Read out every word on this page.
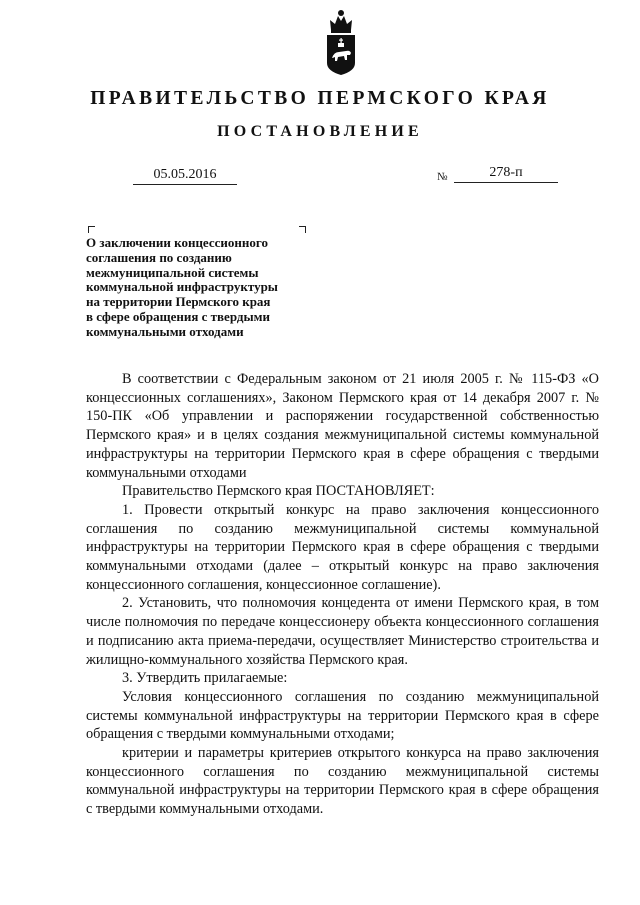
ПРАВИТЕЛЬСТВО ПЕРМСКОГО КРАЯ
ПОСТАНОВЛЕНИЕ
05.05.2016	№	278-п

О заключении концессионного
соглашения по созданию
межмуниципальной системы
коммунальной инфраструктуры
на территории Пермского края
в сфере обращения с твердыми
коммунальными отходами

В соответствии с Федеральным законом от 21 июля 2005 г. № 115-ФЗ «О концессионных соглашениях», Законом Пермского края от 14 декабря 2007 г. № 150-ПК «Об управлении и распоряжении государственной собственностью Пермского края» и в целях создания межмуниципальной системы коммунальной инфраструктуры на территории Пермского края в сфере обращения с твердыми коммунальными отходами

Правительство Пермского края ПОСТАНОВЛЯЕТ:

1. Провести открытый конкурс на право заключения концессионного соглашения по созданию межмуниципальной системы коммунальной инфраструктуры на территории Пермского края в сфере обращения с твердыми коммунальными отходами (далее – открытый конкурс на право заключения концессионного соглашения, концессионное соглашение).

2. Установить, что полномочия концедента от имени Пермского края, в том числе полномочия по передаче концессионеру объекта концессионного соглашения и подписанию акта приема-передачи, осуществляет Министерство строительства и жилищно-коммунального хозяйства Пермского края.

3. Утвердить прилагаемые:

Условия концессионного соглашения по созданию межмуниципальной системы коммунальной инфраструктуры на территории Пермского края в сфере обращения с твердыми коммунальными отходами;

критерии и параметры критериев открытого конкурса на право заключения концессионного соглашения по созданию межмуниципальной системы коммунальной инфраструктуры на территории Пермского края в сфере обращения с твердыми коммунальными отходами.
